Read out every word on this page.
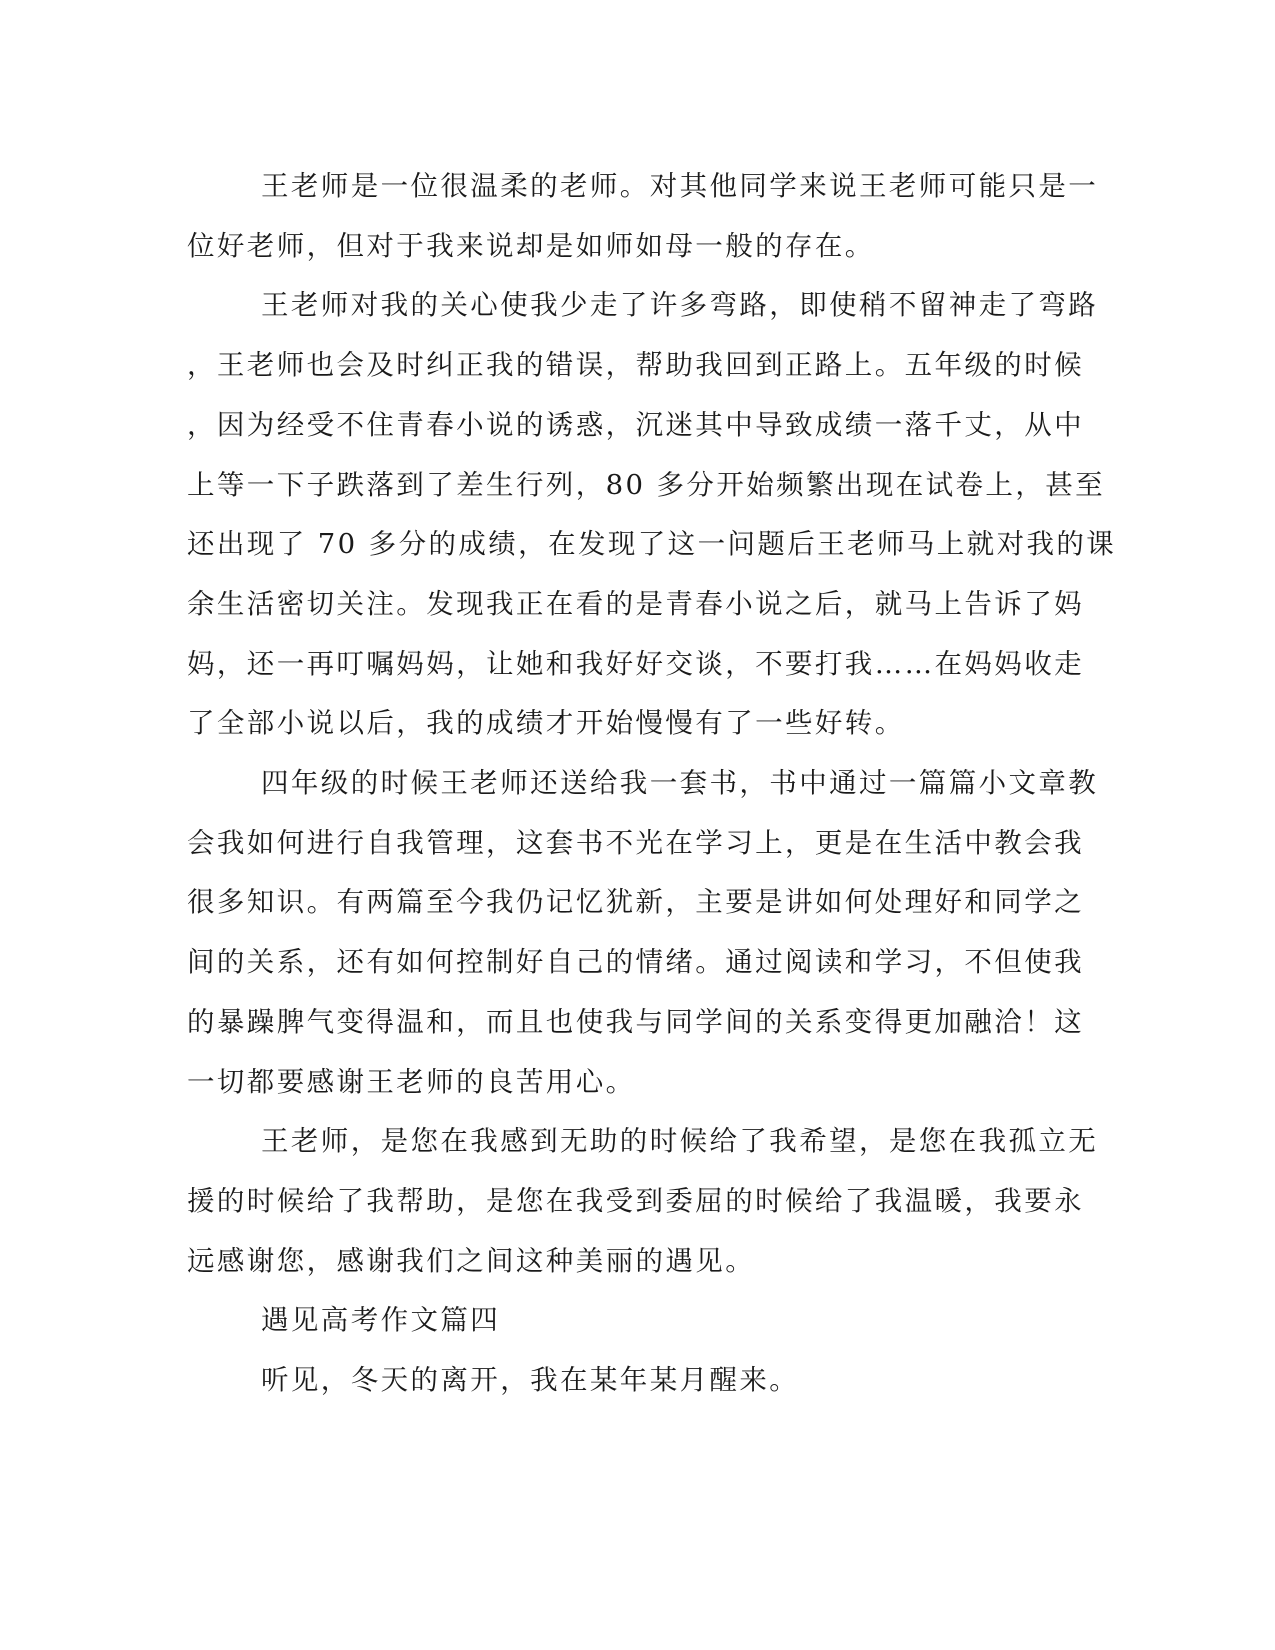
王老师是一位很温柔的老师。对其他同学来说王老师可能只是一
位好老师，但对于我来说却是如师如母一般的存在。
王老师对我的关心使我少走了许多弯路，即使稍不留神走了弯路
，王老师也会及时纠正我的错误，帮助我回到正路上。五年级的时候
，因为经受不住青春小说的诱惑，沉迷其中导致成绩一落千丈，从中
上等一下子跌落到了差生行列，80 多分开始频繁出现在试卷上，甚至
还出现了 70 多分的成绩，在发现了这一问题后王老师马上就对我的课
余生活密切关注。发现我正在看的是青春小说之后，就马上告诉了妈
妈，还一再叮嘱妈妈，让她和我好好交谈，不要打我……在妈妈收走
了全部小说以后，我的成绩才开始慢慢有了一些好转。
四年级的时候王老师还送给我一套书，书中通过一篇篇小文章教
会我如何进行自我管理，这套书不光在学习上，更是在生活中教会我
很多知识。有两篇至今我仍记忆犹新，主要是讲如何处理好和同学之
间的关系，还有如何控制好自己的情绪。通过阅读和学习，不但使我
的暴躁脾气变得温和，而且也使我与同学间的关系变得更加融洽！这
一切都要感谢王老师的良苦用心。
王老师，是您在我感到无助的时候给了我希望，是您在我孤立无
援的时候给了我帮助，是您在我受到委屈的时候给了我温暖，我要永
远感谢您，感谢我们之间这种美丽的遇见。
遇见高考作文篇四
听见，冬天的离开，我在某年某月醒来。
